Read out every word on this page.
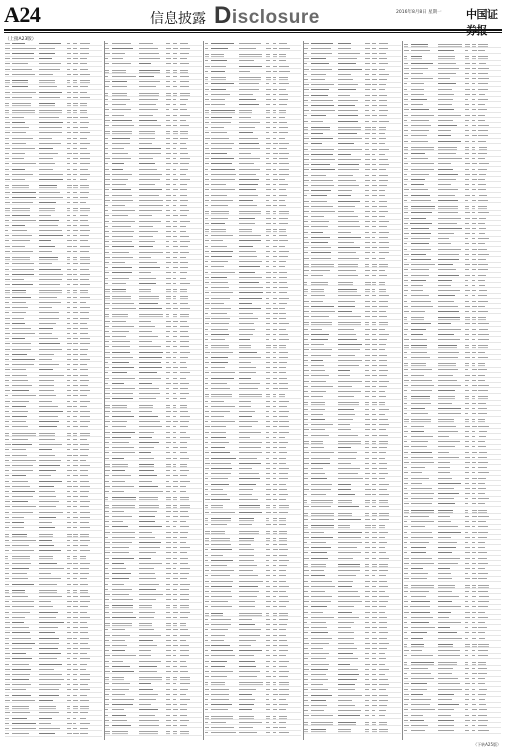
A24	信息披露 Disclosure	2016年8月8日 星期一 中国证
（上接A23版）
（下转A25版）
